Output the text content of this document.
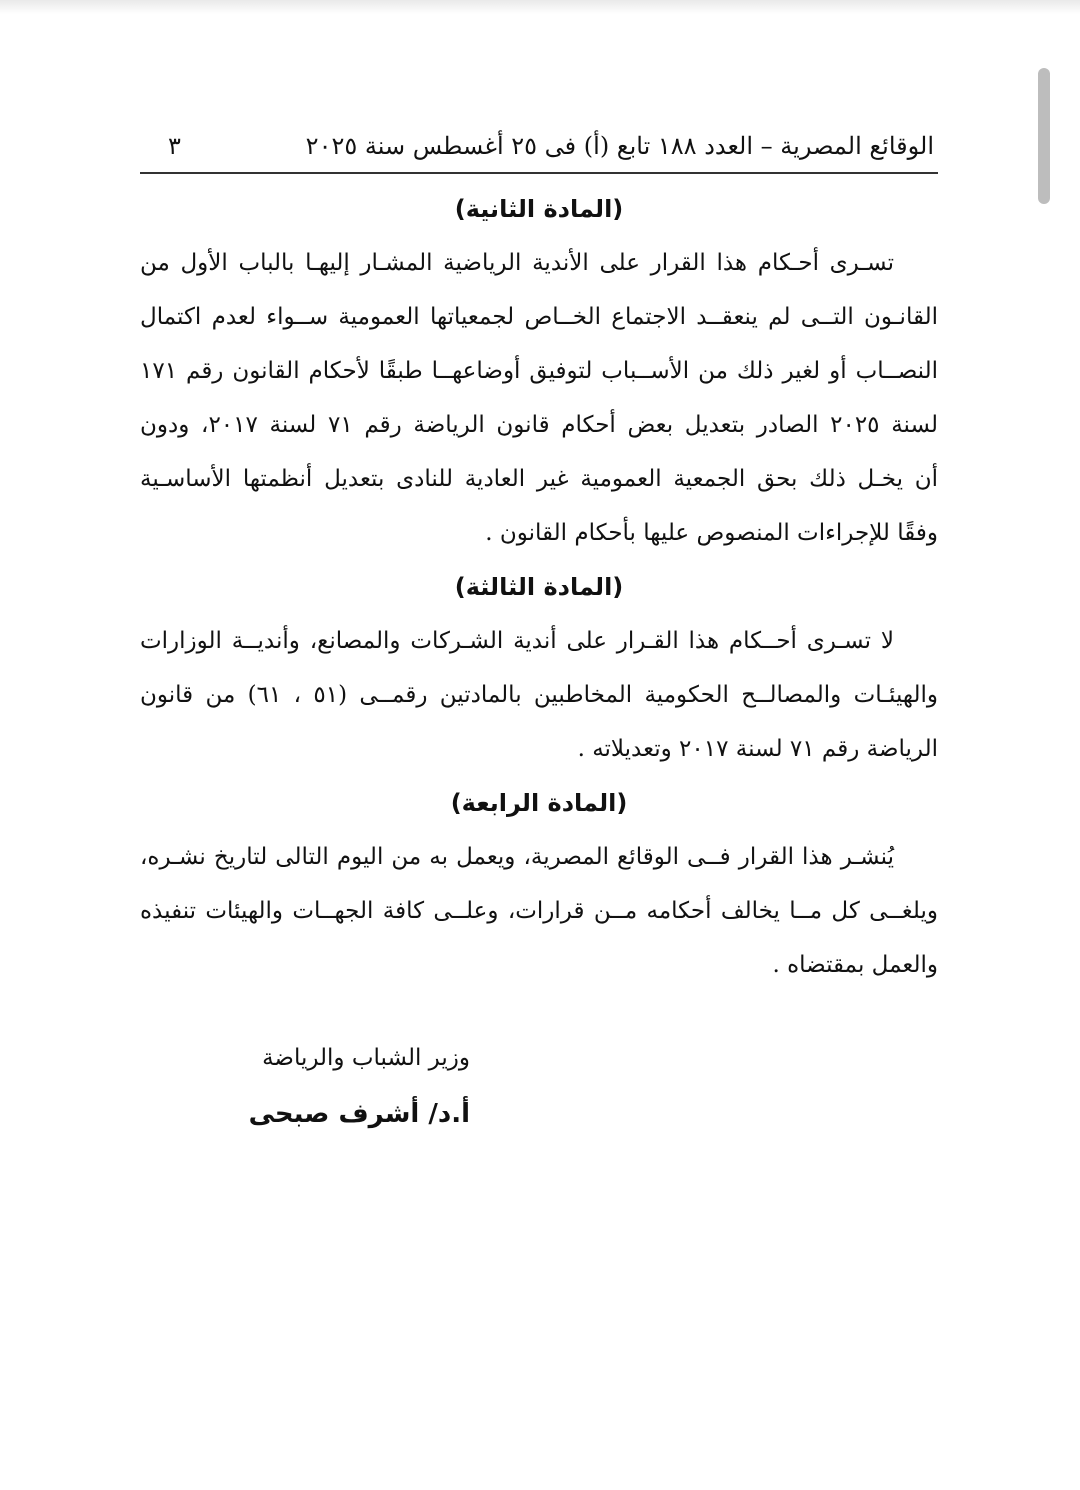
الوقائع المصرية – العدد ١٨٨ تابع (أ) فى ٢٥ أغسطس سنة ٢٠٢٥
٣
(المادة الثانية)
تسـرى أحـكام هذا القرار على الأندية الرياضية المشـار إليهـا بالباب الأول من
القانـون التــى لم ينعقــد الاجتماع الخــاص لجمعياتها العمومية ســواء لعدم اكتمال
النصــاب أو لغير ذلك من الأســباب لتوفيق أوضاعهــا طبقًا لأحكام القانون رقم ١٧١
لسنة ٢٠٢٥ الصادر بتعديل بعض أحكام قانون الرياضة رقم ٧١ لسنة ٢٠١٧، ودون
أن يخـل ذلك بحق الجمعية العمومية غير العادية للنادى بتعديل أنظمتها الأساسـية
وفقًا للإجراءات المنصوص عليها بأحكام القانون .
(المادة الثالثة)
لا تسـرى أحــكام هذا القـرار على أندية الشـركات والمصانع، وأنديــة الوزارات
والهيئـات والمصالــح الحكومية المخاطبين بالمادتين رقمــى (٥١ ، ٦١) من قانون
الرياضة رقم ٧١ لسنة ٢٠١٧ وتعديلاته .
(المادة الرابعة)
يُنشـر هذا القرار فــى الوقائع المصرية، ويعمل به من اليوم التالى لتاريخ نشـره،
ويلغــى كل مــا يخالف أحكامه مــن قرارات، وعلــى كافة الجهــات والهيئات تنفيذه
والعمل بمقتضاه .
وزير الشباب والرياضة
أ.د/ أشرف صبحى
